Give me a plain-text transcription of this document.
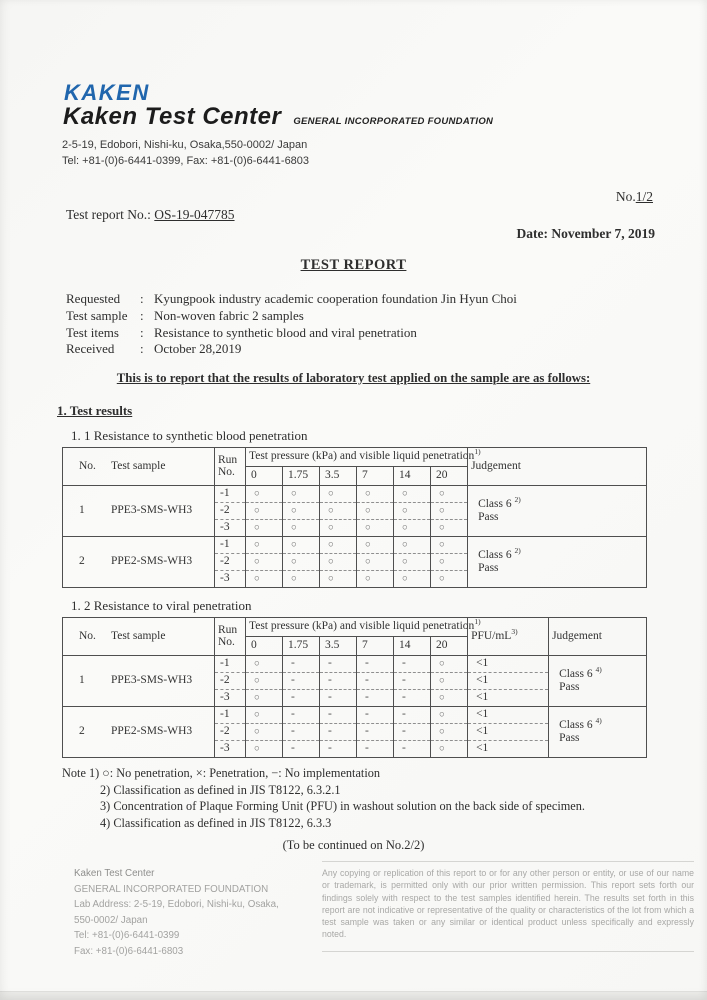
KAKEN
Kaken Test Center GENERAL INCORPORATED FOUNDATION
2-5-19, Edobori, Nishi-ku, Osaka,550-0002/ Japan
Tel: +81-(0)6-6441-0399, Fax: +81-(0)6-6441-6803
No.1/2
Test report No.: OS-19-047785
Date: November 7, 2019
TEST REPORT
Requested : Kyungpook industry academic cooperation foundation Jin Hyun Choi
Test sample : Non-woven fabric 2 samples
Test items : Resistance to synthetic blood and viral penetration
Received : October 28,2019
This is to report that the results of laboratory test applied on the sample are as follows:
1. Test results
1. 1 Resistance to synthetic blood penetration
No. Test sample	Run
No.	Test pressure (kPa) and visible liquid penetration$^{1)}$						Judgement
		0	1.75	3.5	7	14	20	
1 PPE3-SMS-WH3	-1	○	○	○	○	○	○	Class 6 $^{2)}$
Pass

	-2	○	○	○	○	○	○	
	-3	○	○	○	○	○	○	
2 PPE2-SMS-WH3	-1	○	○	○	○	○	○	Class 6 $^{2)}$
Pass

	-2	○	○	○	○	○	○	
	-3	○	○	○	○	○	○	
1. 2 Resistance to viral penetration
No. Test sample	Run
No.	Test pressure (kPa) and visible liquid penetration$^{1)}$						PFU/$mL^{3)}$	Judgement
		0	1.75	3.5	7	14	20		
1 PPE3-SMS-WH3	-1	○	-	-	-	-	○	<1	Class 6 $^{4)}$
Pass

	-2	○	-	-	-	-	○	<1	
	-3	○	-	-	-	-	○	<1	
2 PPE2-SMS-WH3	-1	○	-	-	-	-	○	<1	Class 6 $^{4)}$
Pass

	-2	○	-	-	-	-	○	<1	
	-3	○	-	-	-	-	○	<1	
Note 1) ○: No penetration, ×: Penetration, −: No implementation
2) Classification as defined in JIS T8122, 6.3.2.1
3) Concentration of Plaque Forming Unit (PFU) in washout solution on the back side of specimen.
4) Classification as defined in JIS T8122, 6.3.3
(To be continued on No.2/2)
Kaken Test Center
GENERAL INCORPORATED FOUNDATION
Lab Address: 2-5-19, Edobori, Nishi-ku, Osaka,
550-0002/ Japan
Tel: +81-(0)6-6441-0399
Fax: +81-(0)6-6441-6803
Any copying or replication of this report to or for any other person or entity, or use of our name or trademark, is permitted only with our prior written permission. This report sets forth our findings solely with respect to the test samples identified herein. The results set forth in this report are not indicative or representative of the quality or characteristics of the lot from which a test sample was taken or any similar or identical product unless specifically and expressly noted.
